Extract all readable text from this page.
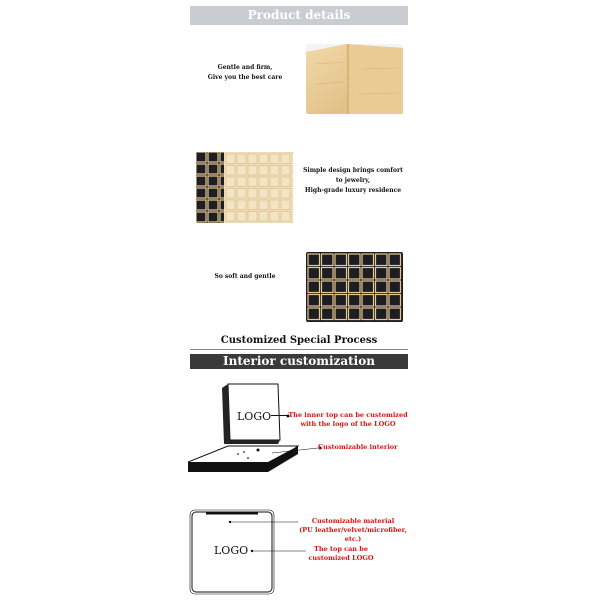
Product details
Gentle and firm,
Give you the best care
Simple design brings comfort
to jewelry,
High-grade luxury residence
So soft and gentle
Customized Special Process
Interior customization
LOGO	The inner top can be customized
with the logo of the LOGO
Customizable interior
LOGO
Customizable material
(PU leather/velvet/microfiber, etc.)
The top can be
customized LOGO
